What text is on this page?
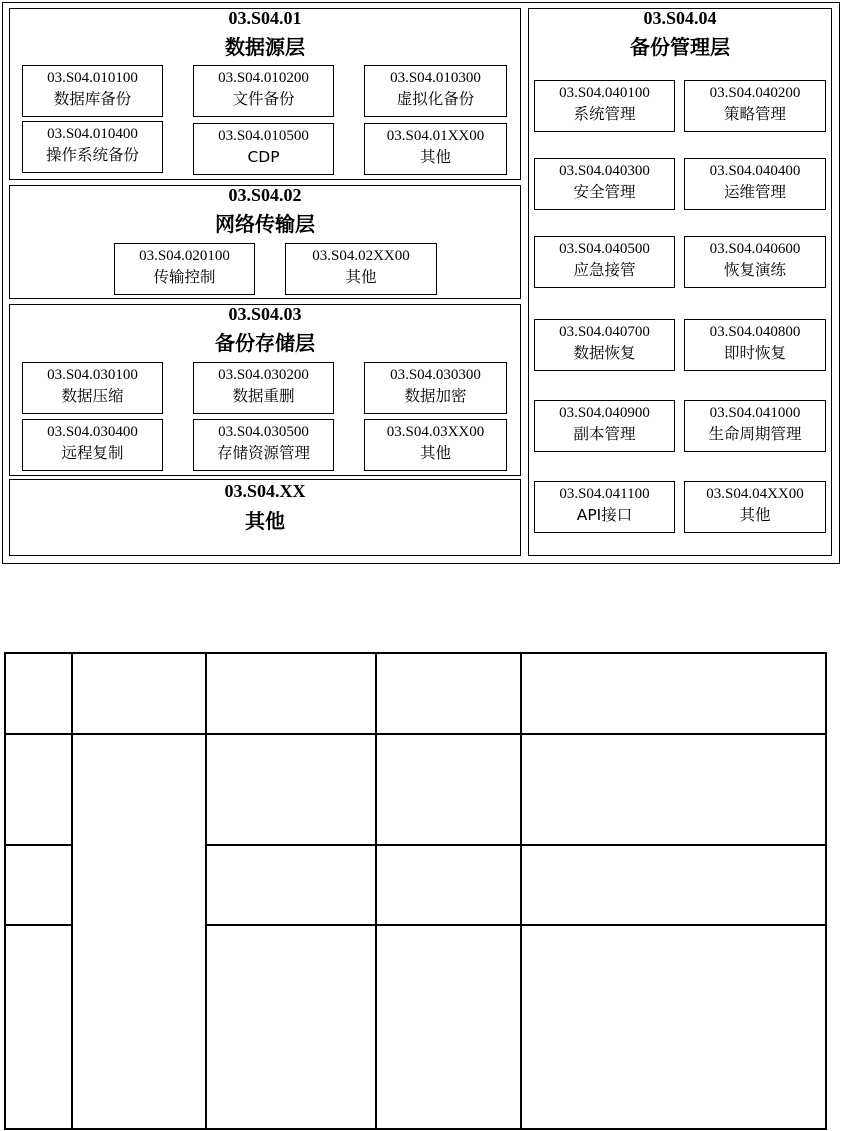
03.S04.01
数据源层
03.S04.010100
数据库备份
03.S04.010200
文件备份
03.S04.010300
虚拟化备份
03.S04.010400
操作系统备份
03.S04.010500
CDP
03.S04.01XX00
其他
03.S04.02
网络传输层
03.S04.020100
传输控制
03.S04.02XX00
其他
03.S04.03
备份存储层
03.S04.030100
数据压缩
03.S04.030200
数据重删
03.S04.030300
数据加密
03.S04.030400
远程复制
03.S04.030500
存储资源管理
03.S04.03XX00
其他
03.S04.XX
其他
03.S04.04
备份管理层
03.S04.040100
系统管理
03.S04.040200
策略管理
03.S04.040300
安全管理
03.S04.040400
运维管理
03.S04.040500
应急接管
03.S04.040600
恢复演练
03.S04.040700
数据恢复
03.S04.040800
即时恢复
03.S04.040900
副本管理
03.S04.041000
生命周期管理
03.S04.041100
API接口
03.S04.04XX00
其他
